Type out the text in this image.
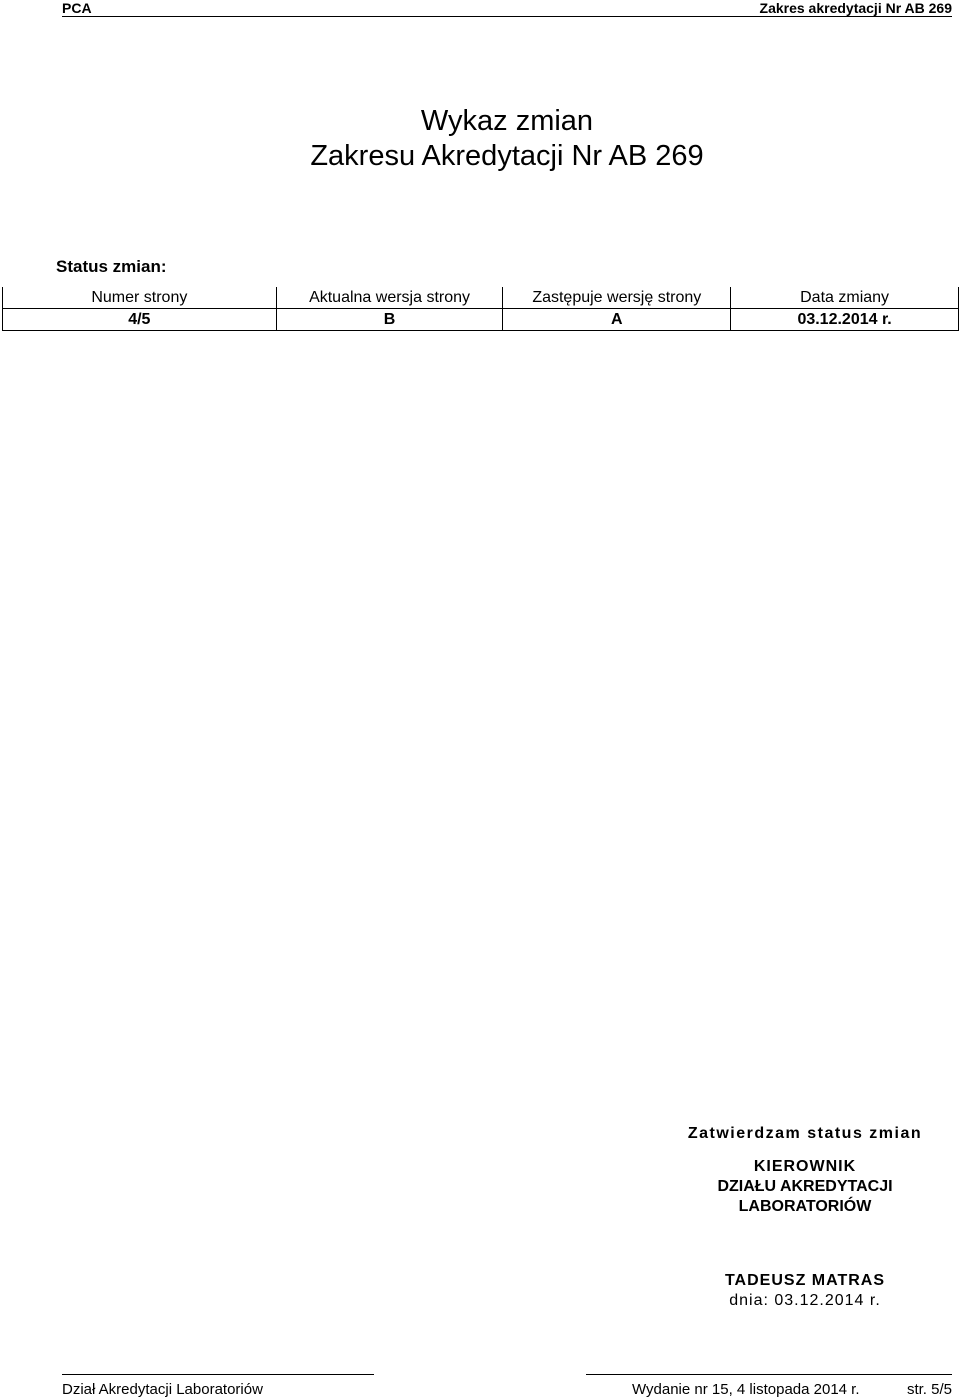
PCA	Zakres akredytacji Nr AB 269
Wykaz zmian
Zakresu Akredytacji Nr AB 269
Status zmian:
Numer strony	Aktualna wersja strony	Zastępuje wersję strony	Data zmiany
4/5	B	A	03.12.2014 r.
Zatwierdzam status zmian
KIEROWNIK
DZIAŁU AKREDYTACJI
LABORATORIÓW
TADEUSZ MATRAS
dnia: 03.12.2014 r.
Dział Akredytacji Laboratoriów	Wydanie nr 15, 4 listopada 2014 r.	str. 5/5
